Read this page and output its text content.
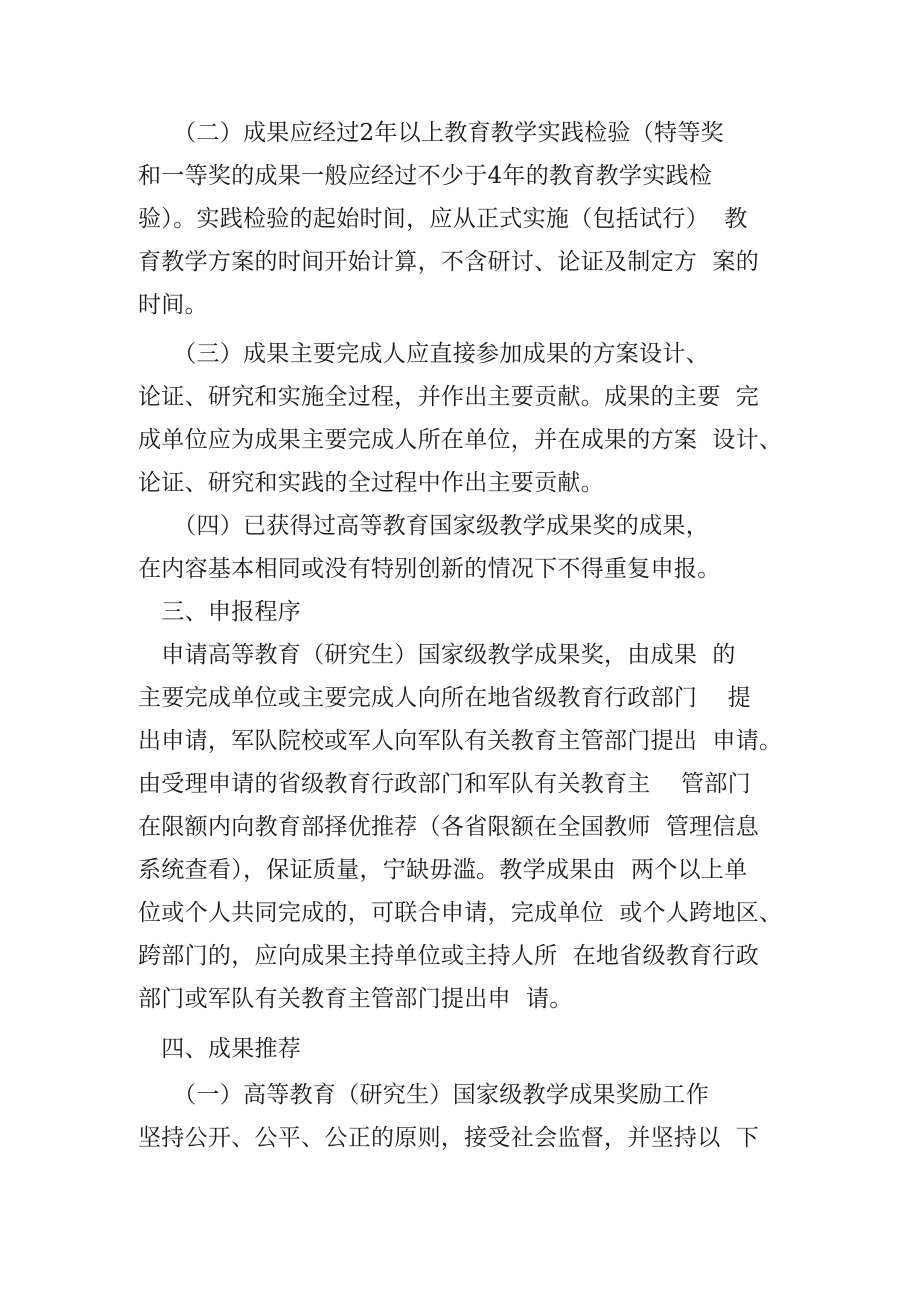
　　（二）成果应经过2年以上教育教学实践检验（特等奖
和一等奖的成果一般应经过不少于4年的教育教学实践检
验）。实践检验的起始时间，应从正式实施（包括试行）  教
育教学方案的时间开始计算，不含研讨、论证及制定方  案的
时间。
　　（三）成果主要完成人应直接参加成果的方案设计、
论证、研究和实施全过程，并作出主要贡献。成果的主要  完
成单位应为成果主要完成人所在单位，并在成果的方案  设计、
论证、研究和实践的全过程中作出主要贡献。
　　（四）已获得过高等教育国家级教学成果奖的成果，
在内容基本相同或没有特别创新的情况下不得重复申报。
　三、申报程序
　申请高等教育（研究生）国家级教学成果奖，由成果  的
主要完成单位或主要完成人向所在地省级教育行政部门    提
出申请，军队院校或军人向军队有关教育主管部门提出  申请。
由受理申请的省级教育行政部门和军队有关教育主    管部门
在限额内向教育部择优推荐（各省限额在全国教师  管理信息
系统查看），保证质量，宁缺毋滥。教学成果由  两个以上单
位或个人共同完成的，可联合申请，完成单位  或个人跨地区、
跨部门的，应向成果主持单位或主持人所  在地省级教育行政
部门或军队有关教育主管部门提出申  请。
　四、成果推荐
　　（一）高等教育（研究生）国家级教学成果奖励工作
坚持公开、公平、公正的原则，接受社会监督，并坚持以  下
